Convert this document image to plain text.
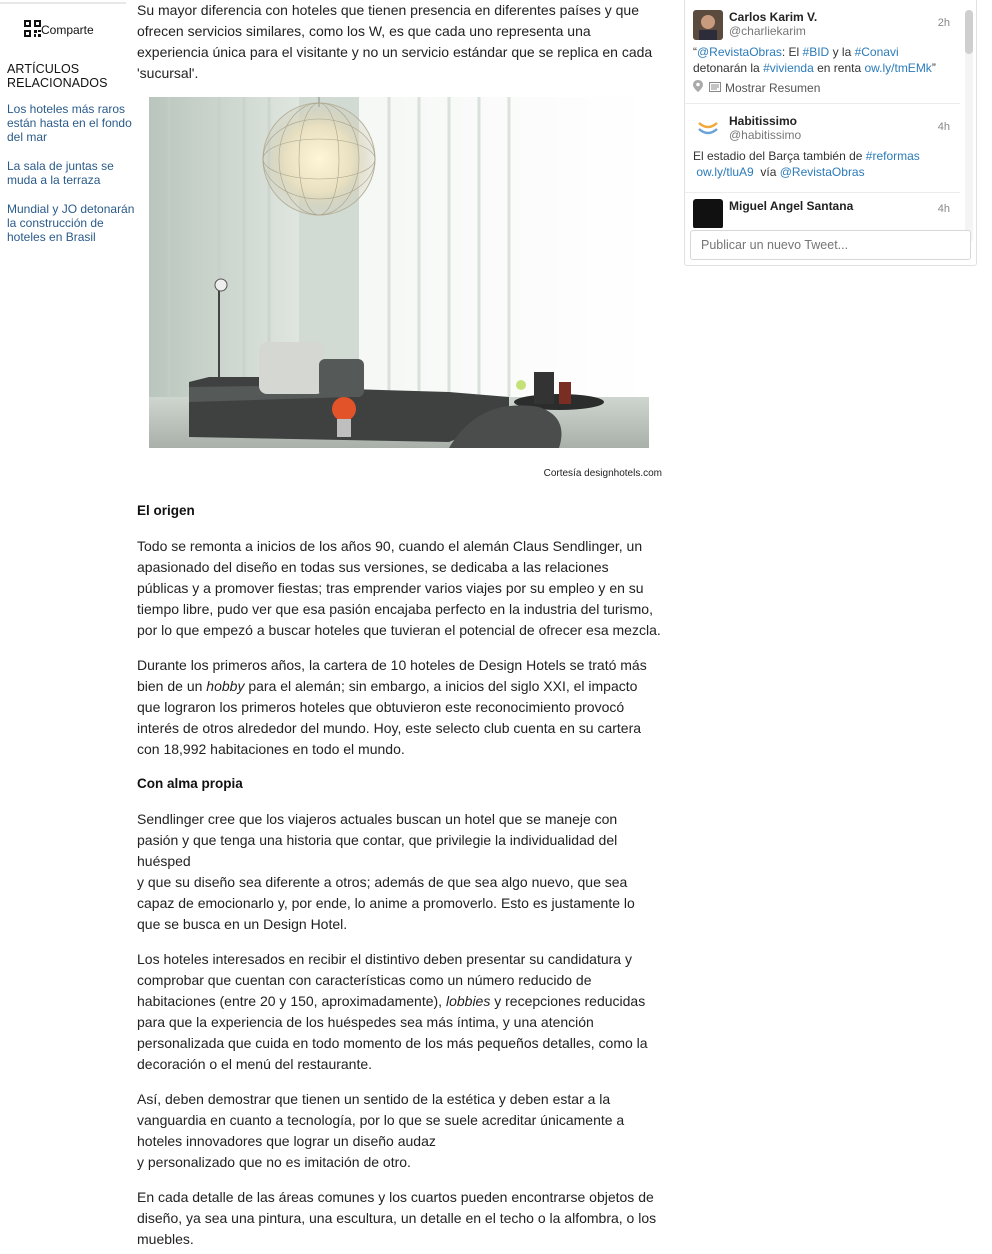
Comparte
ARTÍCULOS RELACIONADOS
Los hoteles más raros están hasta en el fondo del mar
La sala de juntas se muda a la terraza
Mundial y JO detonarán la construcción de hoteles en Brasil
Su mayor diferencia con hoteles que tienen presencia en diferentes países y que ofrecen servicios similares, como los W, es que cada uno representa una experiencia única para el visitante y no un servicio estándar que se replica en cada 'sucursal'.
Cortesía designhotels.com
El origen
Todo se remonta a inicios de los años 90, cuando el alemán Claus Sendlinger, un apasionado del diseño en todas sus versiones, se dedicaba a las relaciones públicas y a promover fiestas; tras emprender varios viajes por su empleo y en su tiempo libre, pudo ver que esa pasión encajaba perfecto en la industria del turismo, por lo que empezó a buscar hoteles que tuvieran el potencial de ofrecer esa mezcla.
Durante los primeros años, la cartera de 10 hoteles de Design Hotels se trató más bien de un hobby para el alemán; sin embargo, a inicios del siglo XXI, el impacto que lograron los primeros hoteles que obtuvieron este reconocimiento provocó interés de otros alrededor del mundo. Hoy, este selecto club cuenta en su cartera con 18,992 habitaciones en todo el mundo.
Con alma propia

Sendlinger cree que los viajeros actuales buscan un hotel que se maneje con pasión y que tenga una historia que contar, que privilegie la individualidad del huésped

y que su diseño sea diferente a otros; además de que sea algo nuevo, que sea capaz de emocionarlo y, por ende, lo anime a promoverlo. Esto es justamente lo que se busca en un Design Hotel.

Los hoteles interesados en recibir el distintivo deben presentar su candidatura y comprobar que cuentan con características como un número reducido de habitaciones (entre 20 y 150, aproximadamente), lobbies y recepciones reducidas para que la experiencia de los huéspedes sea más íntima, y una atención personalizada que cuida en todo momento de los más pequeños detalles, como la decoración o el menú del restaurante.

Así, deben demostrar que tienen un sentido de la estética y deben estar a la vanguardia en cuanto a tecnología, por lo que se suele acreditar únicamente a hoteles innovadores que lograr un diseño audaz

y personalizado que no es imitación de otro.

En cada detalle de las áreas comunes y los cuartos pueden encontrarse objetos de diseño, ya sea una pintura, una escultura, un detalle en el techo o la alfombra, o los muebles.
Carlos Karim V.
@charliekarim
2h
“@RevistaObras: El #BID y la #Conavi
detonarán la #vivienda en renta ow.ly/tmEMk”
Mostrar Resumen
Habitissimo
@habitissimo
4h
El estadio del Barça también de #reformas
ow.ly/tluA9  vía @RevistaObras
Miguel Angel Santana	4h
Publicar un nuevo Tweet...
